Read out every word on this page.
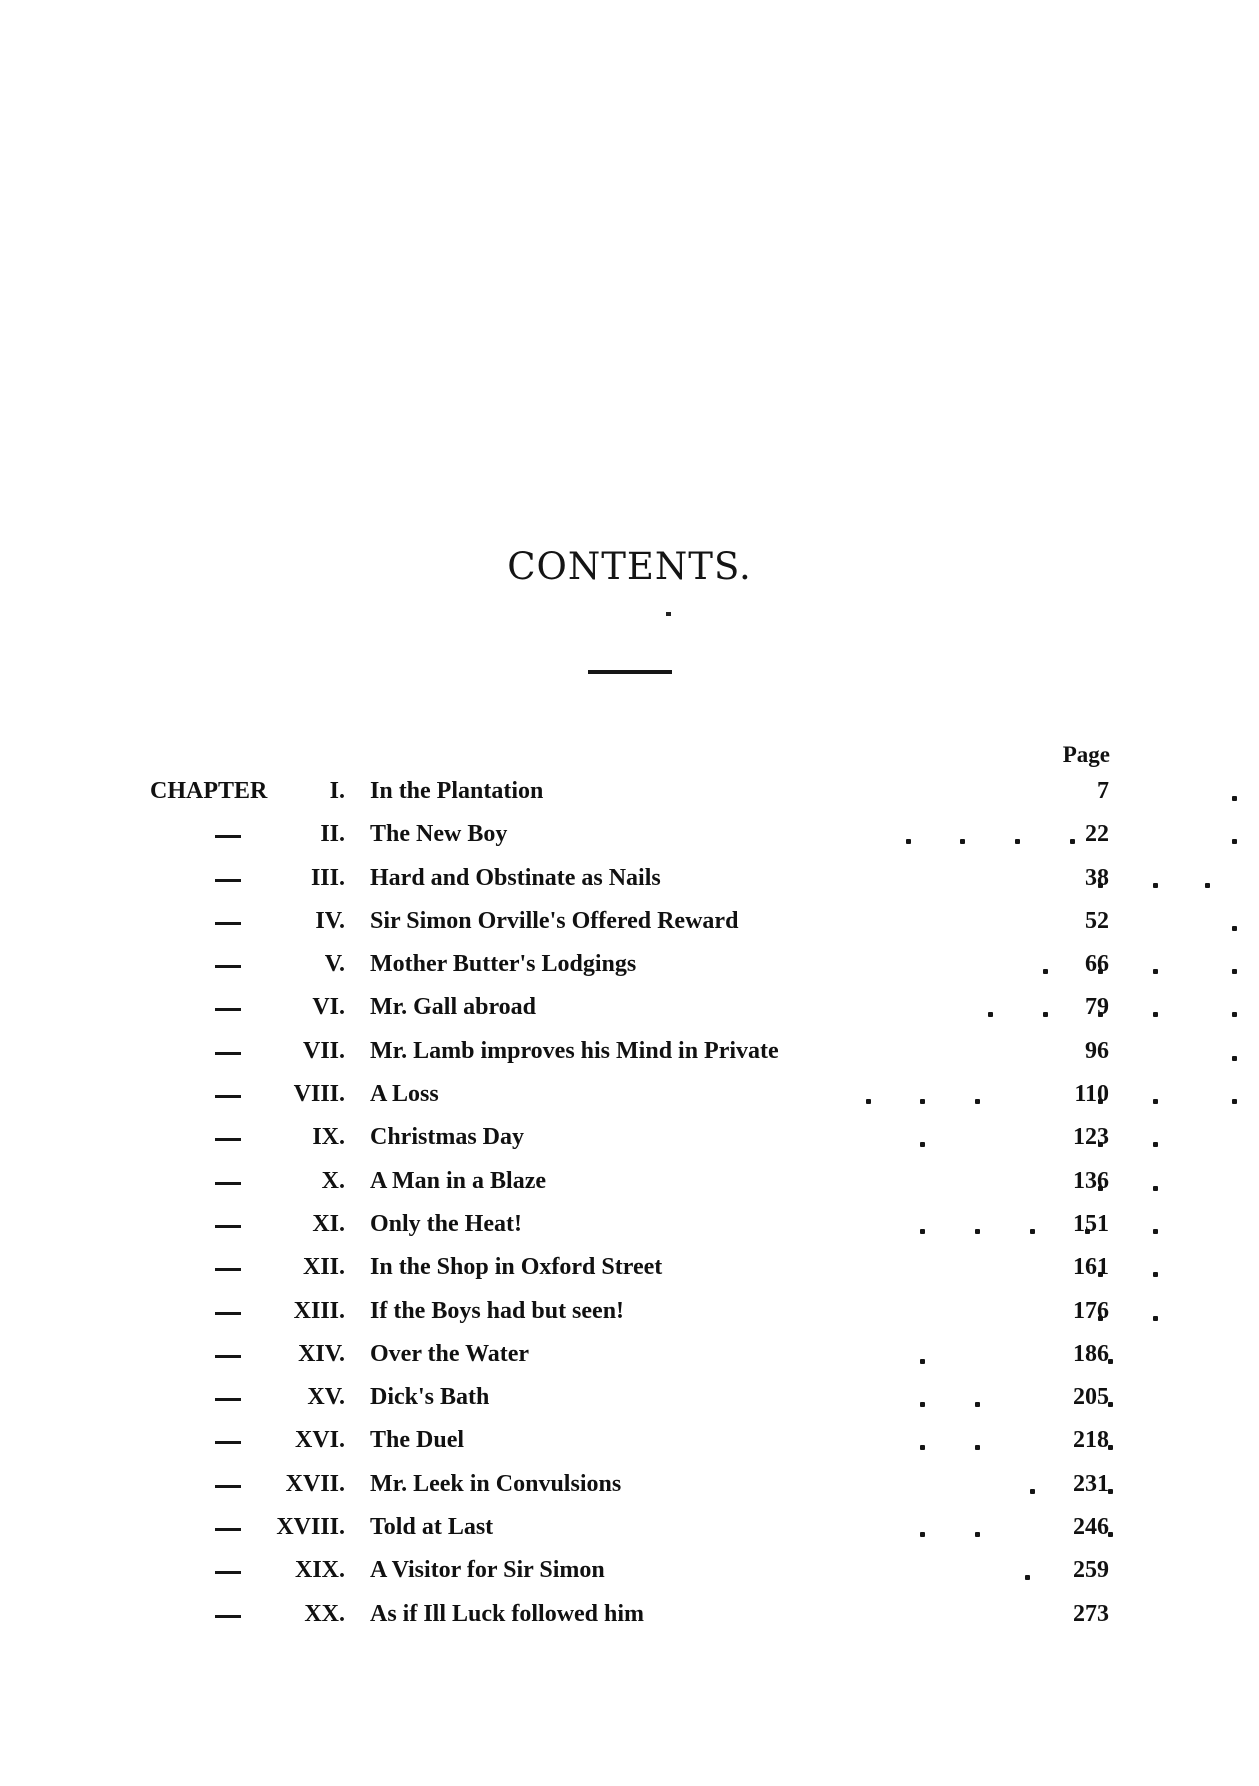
CONTENTS.
Page
CHAPTER	I. In the Plantation	7
II. The New Boy	22
III. Hard and Obstinate as Nails	38
IV. Sir Simon Orville's Offered Reward	52
V. Mother Butter's Lodgings	66
VI. Mr. Gall abroad	79
VII. Mr. Lamb improves his Mind in Private	96
VIII. A Loss	110
IX. Christmas Day	123
X. A Man in a Blaze	136
XI. Only the Heat!	151
XII. In the Shop in Oxford Street	161
XIII. If the Boys had but seen!	176
XIV. Over the Water	186
XV. Dick's Bath	205
XVI. The Duel	218
XVII. Mr. Leek in Convulsions	231
XVIII. Told at Last	246
XIX. A Visitor for Sir Simon	259
XX. As if Ill Luck followed him	273
